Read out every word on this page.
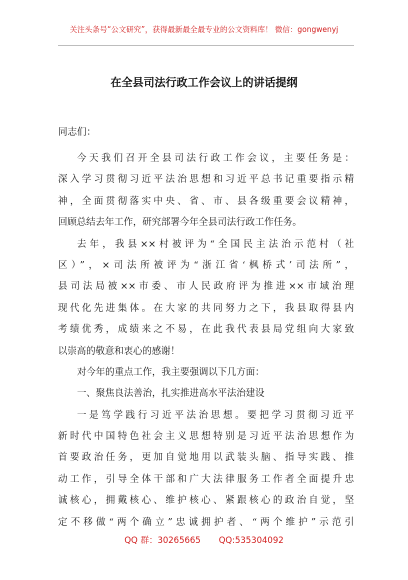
关注头条号“公文研究”，获得最新最全最专业的公文资料库！ 微信：gongwenyj
在全县司法行政工作会议上的讲话提纲
同志们：
今天我们召开全县司法行政工作会议，主要任务是：
深入学习贯彻习近平法治思想和习近平总书记重要指示精
神，全面贯彻落实中央、省、市、县各级重要会议精神，
回顾总结去年工作，研究部署今年全县司法行政工作任务。
去年，我县××村被评为“全国民主法治示范村（社
区）”，×司法所被评为“浙江省‘枫桥式’司法所”，
县司法局被××市委、市人民政府评为推进××市域治理
现代化先进集体。在大家的共同努力之下，我县取得县内
考绩优秀，成绩来之不易，在此我代表县局党组向大家致
以崇高的敬意和衷心的感谢！
对今年的重点工作，我主要强调以下几方面：
一、聚焦良法善治，扎实推进高水平法治建设
一是笃学践行习近平法治思想。要把学习贯彻习近平
新时代中国特色社会主义思想特别是习近平法治思想作为
首要政治任务，更加自觉地用以武装头脑、指导实践、推
动工作，引导全体干部和广大法律服务工作者全面提升忠
诚核心，拥戴核心、维护核心、紧跟核心的政治自觉，坚
定不移做“两个确立”忠诚拥护者、“两个维护”示范引
QQ 群：30265665 QQ:535304092
